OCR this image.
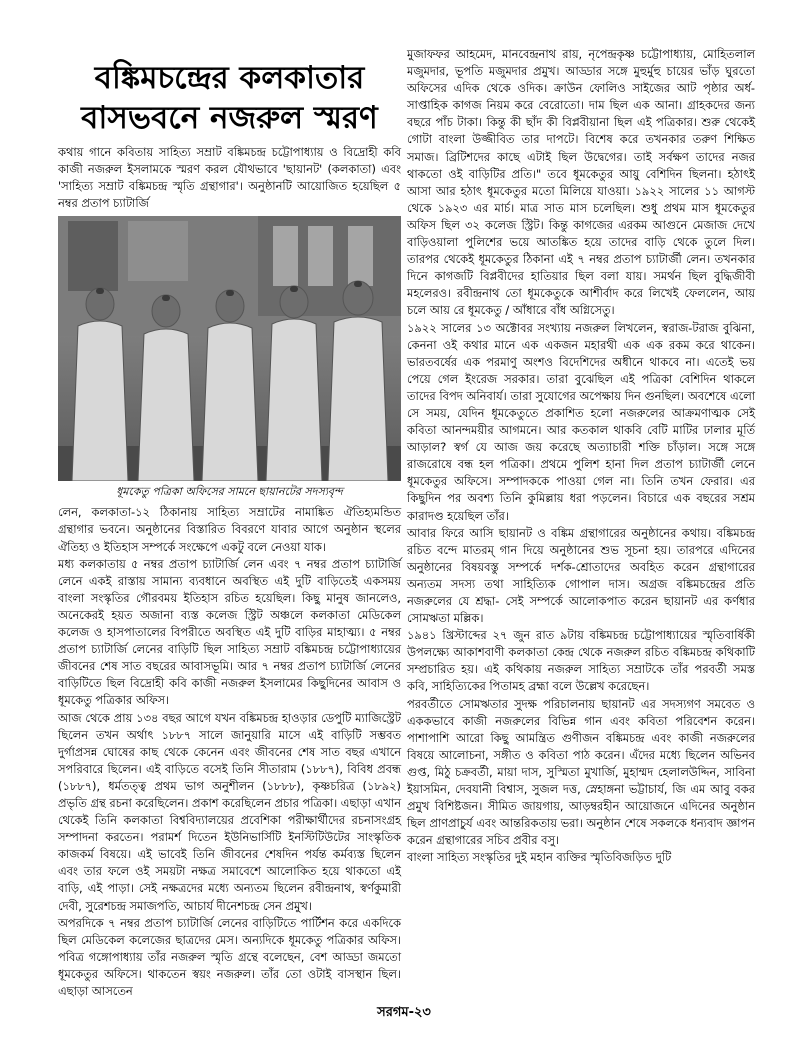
বঙ্কিমচন্দ্রের কলকাতার
বাসভবনে নজরুল স্মরণ

কথায় গানে কবিতায় সাহিত্য সম্রাট বঙ্কিমচন্দ্র চট্টোপাধ্যায় ও বিদ্রোহী কবি কাজী নজরুল ইসলামকে স্মরণ করল যৌথভাবে 'ছায়ানট' (কলকাতা) এবং 'সাহিত্য সম্রাট বঙ্কিমচন্দ্র স্মৃতি গ্রন্থাগার'। অনুষ্ঠানটি আয়োজিত হয়েছিল ৫ নম্বর প্রতাপ চ্যাটার্জি

ধূমকেতু পত্রিকা অফিসের সামনে ছায়ানটের সদস্যবৃন্দ

লেন, কলকাতা-১২ ঠিকানায় সাহিত্য সম্রাটের নামাঙ্কিত ঐতিহ্যমন্ডিত গ্রন্থাগার ভবনে। অনুষ্ঠানের বিস্তারিত বিবরণে যাবার আগে অনুষ্ঠান স্থলের ঐতিহ্য ও ইতিহাস সম্পর্কে সংক্ষেপে একটু বলে নেওয়া যাক।

মধ্য কলকাতায় ৫ নম্বর প্রতাপ চ্যাটার্জি লেন এবং ৭ নম্বর প্রতাপ চ্যাটার্জি লেনে একই রাস্তায় সামান্য ব্যবধানে অবস্থিত এই দুটি বাড়িতেই একসময় বাংলা সংস্কৃতির গৌরবময় ইতিহাস রচিত হয়েছিল। কিছু মানুষ জানলেও, অনেকেরই হয়ত অজানা ব্যস্ত কলেজ স্ট্রিট অঞ্চলে কলকাতা মেডিকেল কলেজ ও হাসপাতালের বিপরীতে অবস্থিত এই দুটি বাড়ির মাহাত্ম্য। ৫ নম্বর প্রতাপ চ্যাটার্জি লেনের বাড়িটি ছিল সাহিত্য সম্রাট বঙ্কিমচন্দ্র চট্টোপাধ্যায়ের জীবনের শেষ সাত বছরের আবাসভূমি। আর ৭ নম্বর প্রতাপ চ্যাটার্জি লেনের বাড়িটিতে ছিল বিদ্রোহী কবি কাজী নজরুল ইসলামের কিছুদিনের আবাস ও ধূমকেতু পত্রিকার অফিস।

আজ থেকে প্রায় ১৩৪ বছর আগে যখন বঙ্কিমচন্দ্র হাওড়ার ডেপুটি ম্যাজিস্ট্রেট ছিলেন তখন অর্থাৎ ১৮৮৭ সালে জানুয়ারি মাসে এই বাড়িটি সম্ভবত দুর্গাপ্রসন্ন ঘোষের কাছ থেকে কেনেন এবং জীবনের শেষ সাত বছর এখানে সপরিবারে ছিলেন। এই বাড়িতে বসেই তিনি সীতারাম (১৮৮৭), বিবিধ প্রবন্ধ (১৮৮৭), ধর্মতত্ত্ব প্রথম ভাগ অনুশীলন (১৮৮৮), কৃষ্ণচরিত্র (১৮৯২) প্রভৃতি গ্রন্থ রচনা করেছিলেন। প্রকাশ করেছিলেন প্রচার পত্রিকা। এছাড়া এখান থেকেই তিনি কলকাতা বিশ্ববিদ্যালয়ের প্রবেশিকা পরীক্ষার্থীদের রচনাসংগ্রহ সম্পাদনা করতেন। পরামর্শ দিতেন ইউনিভার্সিটি ইনস্টিটিউটের সাংস্কৃতিক কাজকর্ম বিষয়ে। এই ভাবেই তিনি জীবনের শেষদিন পর্যন্ত কর্মব্যস্ত ছিলেন এবং তার ফলে ওই সময়টা নক্ষত্র সমাবেশে আলোকিত হয়ে থাকতো এই বাড়ি, এই পাড়া। সেই নক্ষত্রদের মধ্যে অন্যতম ছিলেন রবীন্দ্রনাথ, স্বর্ণকুমারী দেবী, সুরেশচন্দ্র সমাজপতি, আচার্য দীনেশচন্দ্র সেন প্রমুখ।

অপরদিকে ৭ নম্বর প্রতাপ চ্যাটার্জি লেনের বাড়িটিতে পার্টিশন করে একদিকে ছিল মেডিকেল কলেজের ছাত্রদের মেস। অন্যদিকে ধূমকেতু পত্রিকার অফিস। পবিত্র গঙ্গোপাধ্যায় তাঁর নজরুল স্মৃতি গ্রন্থে বলেছেন, বেশ আড্ডা জমতো ধূমকেতুর অফিসে। থাকতেন স্বয়ং নজরুল। তাঁর তো ওটাই বাসস্থান ছিল। এছাড়া আসতেন

মুজাফফর আহমেদ, মানবেন্দ্রনাথ রায়, নৃপেন্দ্রকৃষ্ণ চট্টোপাধ্যায়, মোহিতলাল মজুমদার, ভূপতি মজুমদার প্রমুখ। আড্ডার সঙ্গে মুহুর্মুহু চায়ের ভাঁড় ঘুরতো অফিসের এদিক থেকে ওদিক। ক্রাউন ফোলিও সাইজের আট পৃষ্ঠার অর্ধ-সাপ্তাহিক কাগজ নিয়ম করে বেরোতো। দাম ছিল এক আনা। গ্রাহকদের জন্য বছরে পাঁচ টাকা। কিন্তু কী ছাঁদ কী বিপ্লবীয়ানা ছিল এই পত্রিকার। শুরু থেকেই গোটা বাংলা উজ্জীবিত তার দাপটে। বিশেষ করে তখনকার তরুণ শিক্ষিত সমাজ। ব্রিটিশদের কাছে এটাই ছিল উদ্বেগের। তাই সর্বক্ষণ তাদের নজর থাকতো ওই বাড়িটির প্রতি।" তবে ধূমকেতুর আয়ু বেশিদিন ছিলনা। হঠাৎই আসা আর হঠাৎ ধূমকেতুর মতো মিলিয়ে যাওয়া। ১৯২২ সালের ১১ আগস্ট থেকে ১৯২৩ এর মার্চ। মাত্র সাত মাস চলেছিল। শুধু প্রথম মাস ধূমকেতুর অফিস ছিল ৩২ কলেজ স্ট্রিট। কিন্তু কাগজের এরকম আগুনে মেজাজ দেখে বাড়িওয়ালা পুলিশের ভয়ে আতঙ্কিত হয়ে তাদের বাড়ি থেকে তুলে দিল। তারপর থেকেই ধূমকেতুর ঠিকানা এই ৭ নম্বর প্রতাপ চ্যাটার্জী লেন। তখনকার দিনে কাগজটি বিপ্লবীদের হাতিয়ার ছিল বলা যায়। সমর্থন ছিল বুদ্ধিজীবী মহলেরও। রবীন্দ্রনাথ তো ধূমকেতুকে আশীর্বাদ করে লিখেই ফেললেন, আয় চলে আয় রে ধূমকেতু / আঁধারে বাঁধ অগ্নিসেতু।

১৯২২ সালের ১৩ অক্টোবর সংখ্যায় নজরুল লিখলেন, স্বরাজ-টরাজ বুঝিনা, কেননা ওই কথার মানে এক একজন মহারথী এক এক রকম করে থাকেন। ভারতবর্ষের এক পরমাণু অংশও বিদেশিদের অধীনে থাকবে না। এতেই ভয় পেয়ে গেল ইংরেজ সরকার। তারা বুঝেছিল এই পত্রিকা বেশিদিন থাকলে তাদের বিপদ অনিবার্য। তারা সুযোগের অপেক্ষায় দিন গুনছিল। অবশেষে এলো সে সময়, যেদিন ধূমকেতুতে প্রকাশিত হলো নজরুলের আক্রমণাত্মক সেই কবিতা আনন্দময়ীর আগমনে। আর কতকাল থাকবি বেটি মাটির ঢালার মূর্তি আড়াল? স্বর্গ যে আজ জয় করেছে অত্যাচারী শক্তি চাঁড়াল। সঙ্গে সঙ্গে রাজরোষে বন্ধ হল পত্রিকা। প্রথমে পুলিশ হানা দিল প্রতাপ চ্যাটার্জী লেনে ধূমকেতুর অফিসে। সম্পাদককে পাওয়া গেল না। তিনি তখন ফেরার। এর কিছুদিন পর অবশ্য তিনি কুমিল্লায় ধরা পড়লেন। বিচারে এক বছরের সশ্রম কারাদণ্ড হয়েছিল তাঁর।

আবার ফিরে আসি ছায়ানট ও বঙ্কিম গ্রন্থাগারের অনুষ্ঠানের কথায়। বঙ্কিমচন্দ্র রচিত বন্দে মাতরম্ গান দিয়ে অনুষ্ঠানের শুভ সূচনা হয়। তারপরে এদিনের অনুষ্ঠানের বিষয়বস্তু সম্পর্কে দর্শক-শ্রোতাদের অবহিত করেন গ্রন্থাগারের অন্যতম সদস্য তথা সাহিত্যিক গোপাল দাস। অগ্রজ বঙ্কিমচন্দ্রের প্রতি নজরুলের যে শ্রদ্ধা- সেই সম্পর্কে আলোকপাত করেন ছায়ানট এর কর্ণধার সোমঋতা মল্লিক।

১৯৪১ খ্রিস্টাব্দের ২৭ জুন রাত ৯টায় বঙ্কিমচন্দ্র চট্টোপাধ্যায়ের স্মৃতিবার্ষিকী উপলক্ষ্যে আকাশবাণী কলকাতা কেন্দ্র থেকে নজরুল রচিত বঙ্কিমচন্দ্র কথিকাটি সম্প্রচারিত হয়। এই কথিকায় নজরুল সাহিত্য সম্রাটকে তাঁর পরবর্তী সমস্ত কবি, সাহিত্যিকের পিতামহ ব্রহ্মা বলে উল্লেখ করেছেন।

পরবর্তীতে সোমঋতার সুদক্ষ পরিচালনায় ছায়ানট এর সদস্যগণ সমবেত ও এককভাবে কাজী নজরুলের বিভিন্ন গান এবং কবিতা পরিবেশন করেন। পাশাপাশি আরো কিছু আমন্ত্রিত গুণীজন বঙ্কিমচন্দ্র এবং কাজী নজরুলের বিষয়ে আলোচনা, সঙ্গীত ও কবিতা পাঠ করেন। এঁদের মধ্যে ছিলেন অভিনব গুপ্ত, মিঠু চক্রবর্তী, মায়া দাস, সুস্মিতা মুখার্জি, মুহাম্মদ হেলালউদ্দিন, সাবিনা ইয়াসমিন, দেবযানী বিশ্বাস, সুজল দত্ত, স্নেহাঙ্গনা ভট্টাচার্য, জি এম আবু বকর প্রমুখ বিশিষ্টজন। সীমিত জায়গায়, আড়ম্বরহীন আয়োজনে এদিনের অনুষ্ঠান ছিল প্রাণপ্রাচুর্য এবং আন্তরিকতায় ভরা। অনুষ্ঠান শেষে সকলকে ধন্যবাদ জ্ঞাপন করেন গ্রন্থাগারের সচিব প্রবীর বসু।

বাংলা সাহিত্য সংস্কৃতির দুই মহান ব্যক্তির স্মৃতিবিজড়িত দুটি

সরগম-২৩
